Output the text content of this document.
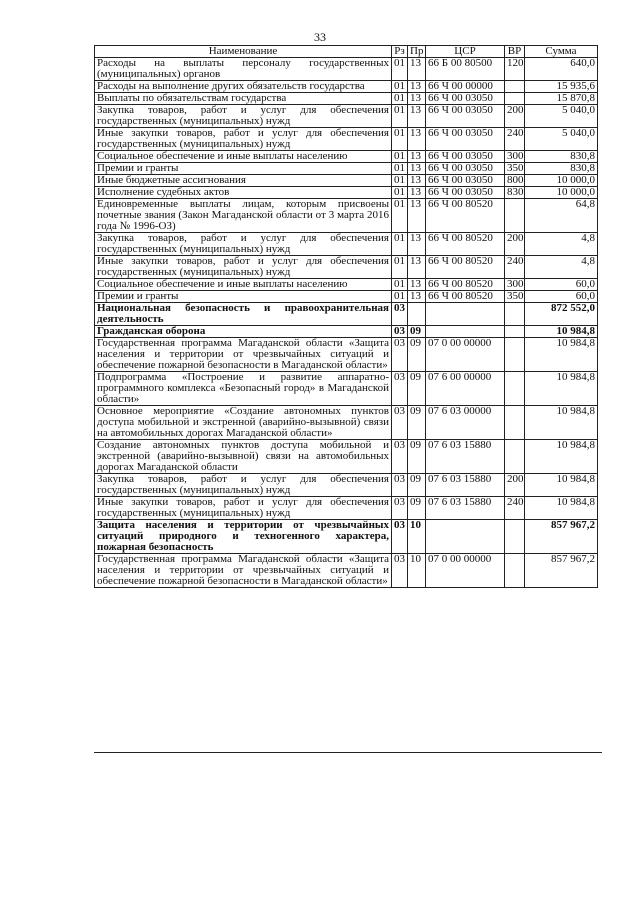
33
Наименование	Рз	Пр	ЦСР	ВР	Сумма
Расходы на выплаты персоналу государственных (муниципальных) органов	01	13	66 Б 00 80500	120	640,0
Расходы на выполнение других обязательств государства	01	13	66 Ч 00 00000		15 935,6
Выплаты по обязательствам государства	01	13	66 Ч 00 03050		15 870,8
Закупка товаров, работ и услуг для обеспечения государственных (муниципальных) нужд	01	13	66 Ч 00 03050	200	5 040,0
Иные закупки товаров, работ и услуг для обеспечения государственных (муниципальных) нужд	01	13	66 Ч 00 03050	240	5 040,0
Социальное обеспечение и иные выплаты населению	01	13	66 Ч 00 03050	300	830,8
Премии и гранты	01	13	66 Ч 00 03050	350	830,8
Иные бюджетные ассигнования	01	13	66 Ч 00 03050	800	10 000,0
Исполнение судебных актов	01	13	66 Ч 00 03050	830	10 000,0
Единовременные выплаты лицам, которым присвоены почетные звания (Закон Магаданской области от 3 марта 2016 года № 1996-ОЗ)	01	13	66 Ч 00 80520		64,8
Закупка товаров, работ и услуг для обеспечения государственных (муниципальных) нужд	01	13	66 Ч 00 80520	200	4,8
Иные закупки товаров, работ и услуг для обеспечения государственных (муниципальных) нужд	01	13	66 Ч 00 80520	240	4,8
Социальное обеспечение и иные выплаты населению	01	13	66 Ч 00 80520	300	60,0
Премии и гранты	01	13	66 Ч 00 80520	350	60,0
Национальная безопасность и правоохранительная деятельность	03				872 552,0
Гражданская оборона	03	09			10 984,8
Государственная программа Магаданской области «Защита населения и территории от чрезвычайных ситуаций и обеспечение пожарной безопасности в Магаданской области»	03	09	07 0 00 00000		10 984,8
Подпрограмма «Построение и развитие аппаратно-программного комплекса «Безопасный город» в Магаданской области»	03	09	07 6 00 00000		10 984,8
Основное мероприятие «Создание автономных пунктов доступа мобильной и экстренной (аварийно-вызывной) связи на автомобильных дорогах Магаданской области»	03	09	07 6 03 00000		10 984,8
Создание автономных пунктов доступа мобильной и экстренной (аварийно-вызывной) связи на автомобильных дорогах Магаданской области	03	09	07 6 03 15880		10 984,8
Закупка товаров, работ и услуг для обеспечения государственных (муниципальных) нужд	03	09	07 6 03 15880	200	10 984,8
Иные закупки товаров, работ и услуг для обеспечения государственных (муниципальных) нужд	03	09	07 6 03 15880	240	10 984,8
Защита населения и территории от чрезвычайных ситуаций природного и техногенного характера, пожарная безопасность	03	10			857 967,2
Государственная программа Магаданской области «Защита населения и территории от чрезвычайных ситуаций и обеспечение пожарной безопасности в Магаданской области»	03	10	07 0 00 00000		857 967,2
